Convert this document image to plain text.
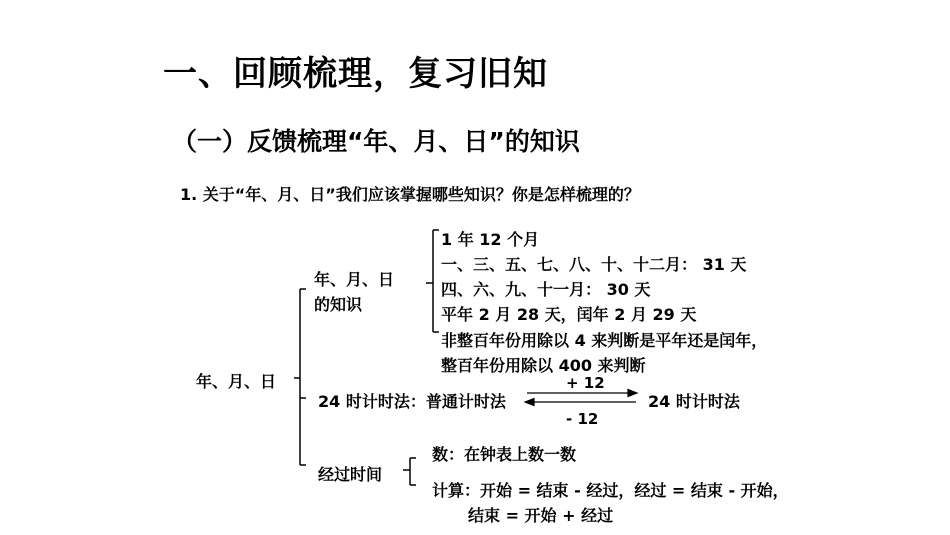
一、回顾梳理，复习旧知
（一）反馈梳理“年、月、日”的知识
1. 关于“年、月、日”我们应该掌握哪些知识？你是怎样梳理的？
年、月、日
年、月、日
的知识
1 年 12 个月
一、三、五、七、八、十、十二月： 31 天
四、六、九、十一月： 30 天
平年 2 月 28 天，闰年 2 月 29 天
非整百年份用除以 4 来判断是平年还是闰年，
整百年份用除以 400 来判断
24 时计时法：普通计时法
+ 12
- 12
24 时计时法
经过时间
数：在钟表上数一数
计算：开始 = 结束 - 经过，经过 = 结束 - 开始，
结束 = 开始 + 经过
